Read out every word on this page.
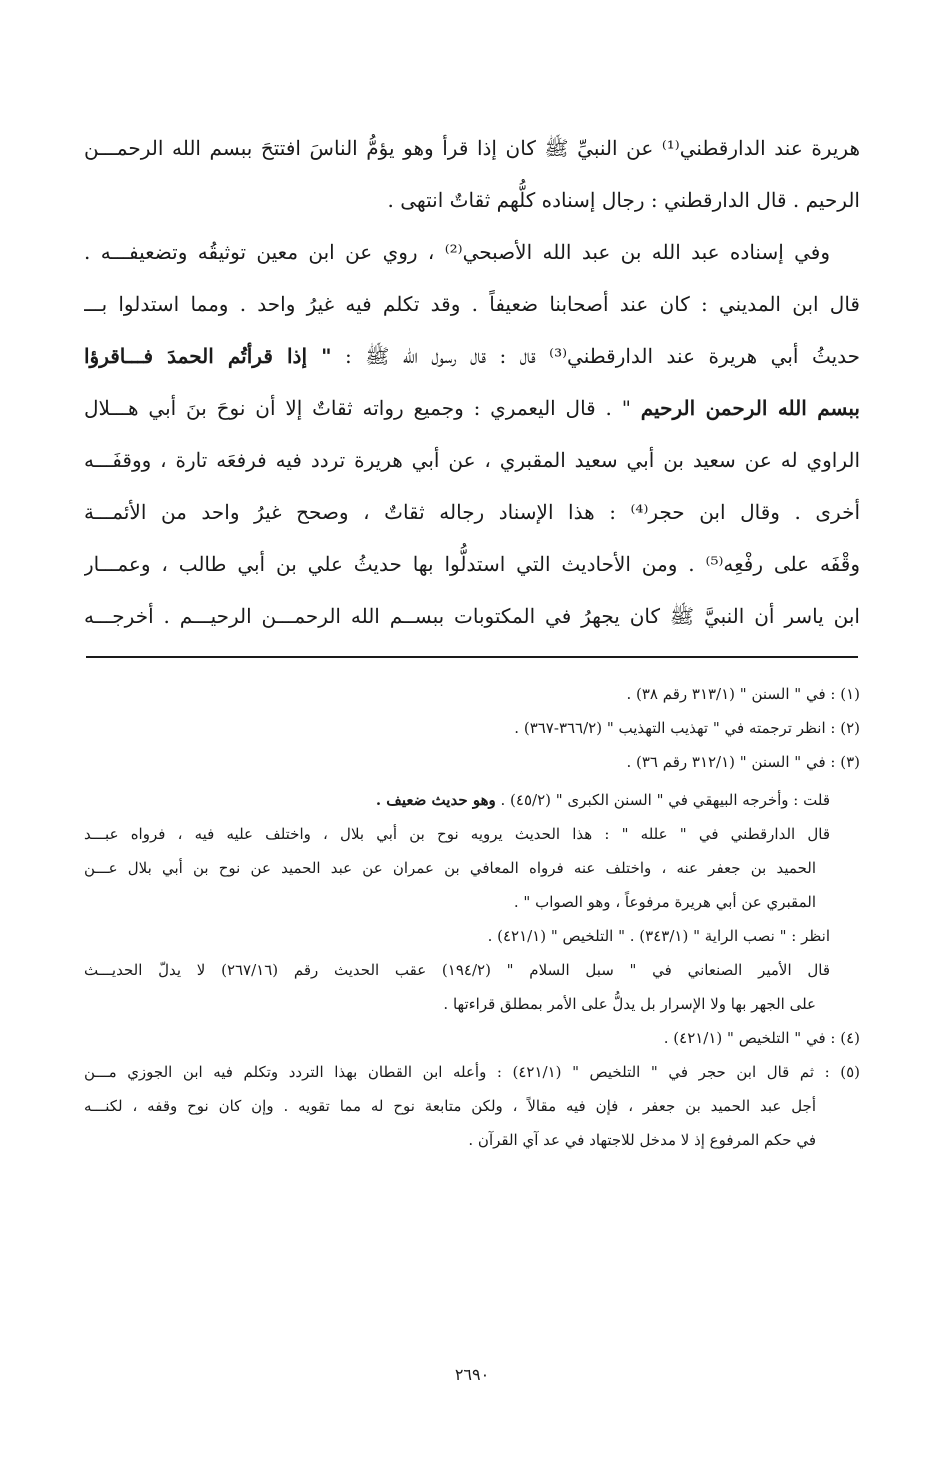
هريرة عند الدارقطني⁽¹⁾ عن النبيِّ ﷺ كان إذا قرأ وهو يؤمُّ الناسَ افتتحَ ببسم الله الرحمـــن
الرحيم . قال الدارقطني : رجال إسناده كلُّهم ثقاتٌ انتهى .
وفي إسناده عبد الله بن عبد الله الأصبحي⁽²⁾ ، روي عن ابن معين توثيقُه وتضعيفـــه .
قال ابن المديني : كان عند أصحابنا ضعيفاً . وقد تكلم فيه غيرُ واحد . ومما استدلوا بـــ
حديثُ أبي هريرة عند الدارقطني⁽³⁾ قال : قال رسول الله ﷺ : " إذا قرأتُم الحمدَ فـــاقرؤا
ببسم الله الرحمن الرحيم " . قال اليعمري : وجميع رواته ثقاتٌ إلا أن نوحَ بنَ أبي هـــلال
الراوي له عن سعيد بن أبي سعيد المقبري ، عن أبي هريرة تردد فيه فرفعَه تارة ، ووقفَـــه
أخرى . وقال ابن حجر⁽⁴⁾ : هذا الإسناد رجاله ثقاتٌ ، وصحح غيرُ واحد من الأئمـــة
وقْفَه على رفْعِه⁽⁵⁾ . ومن الأحاديث التي استدلُّوا بها حديثُ علي بن أبي طالب ، وعمـــار
ابن ياسر أن النبيَّ ﷺ كان يجهرُ في المكتوبات ببســم الله الرحمـــن الرحيـــم . أخرجـــه
(١) : في " السنن " (٣١٣/١ رقم ٣٨) .
(٢) : انظر ترجمته في " تهذيب التهذيب " (٣٦٦/٢-٣٦٧) .
(٣) : في " السنن " (٣١٢/١ رقم ٣٦) .
قلت : وأخرجه البيهقي في " السنن الكبرى " (٤٥/٢) . وهو حديث ضعيف .
قال الدارقطني في " علله " : هذا الحديث يرويه نوح بن أبي بلال ، واختلف عليه فيه ، فرواه عبـــد
الحميد بن جعفر عنه ، واختلف عنه فرواه المعافي بن عمران عن عبد الحميد عن نوح بن أبي بلال عـــن
المقبري عن أبي هريرة مرفوعاً ، وهو الصواب " .
انظر : " نصب الراية " (٣٤٣/١) . " التلخيص " (٤٢١/١) .
قال الأمير الصنعاني في " سبل السلام " (١٩٤/٢) عقب الحديث رقم (٢٦٧/١٦) لا يدلّ الحديـــث
على الجهر بها ولا الإسرار بل يدلُّ على الأمر بمطلق قراءتها .
(٤) : في " التلخيص " (٤٢١/١) .
(٥) : ثم قال ابن حجر في " التلخيص " (٤٢١/١) : وأعله ابن القطان بهذا التردد وتكلم فيه ابن الجوزي مـــن
أجل عبد الحميد بن جعفر ، فإن فيه مقالاً ، ولكن متابعة نوح له مما تقويه . وإن كان نوح وقفه ، لكنـــه
في حكم المرفوع إذ لا مدخل للاجتهاد في عد آي القرآن .
٢٦٩٠
